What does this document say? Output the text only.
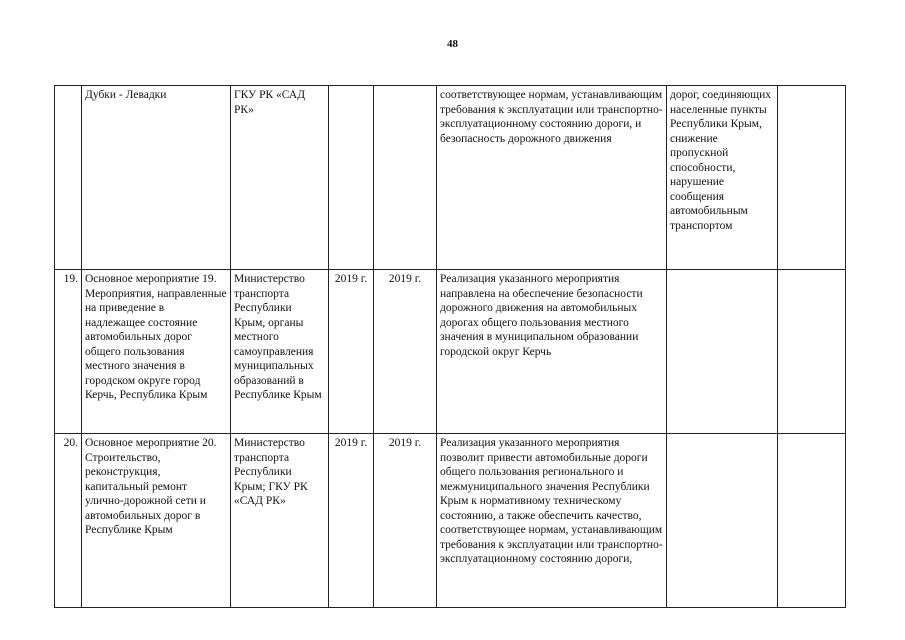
48
	Дубки - Левадки	ГКУ РК «САД РК»			соответствующее нормам, устанавливающим требования к эксплуатации или транспортно-эксплуатационному состоянию дороги, и безопасность дорожного движения	дорог, соединяющих населенные пункты Республики Крым, снижение пропускной способности, нарушение сообщения автомобильным транспортом	
19.	Основное мероприятие 19. Мероприятия, направленные на приведение в надлежащее состояние автомобильных дорог общего пользования местного значения в городском округе город Керчь, Республика Крым	Министерство транспорта Республики Крым, органы местного самоуправления муниципальных образований в Республике Крым	2019 г.	2019 г.	Реализация указанного мероприятия направлена на обеспечение безопасности дорожного движения на автомобильных дорогах общего пользования местного значения в муниципальном образовании городской округ Керчь		
20.	Основное мероприятие 20. Строительство, реконструкция, капитальный ремонт улично-дорожной сети и автомобильных дорог в Республике Крым	Министерство транспорта Республики Крым; ГКУ РК «САД РК»	2019 г.	2019 г.	Реализация указанного мероприятия позволит привести автомобильные дороги общего пользования регионального и межмуниципального значения Республики Крым к нормативному техническому состоянию, а также обеспечить качество, соответствующее нормам, устанавливающим требования к эксплуатации или транспортно-эксплуатационному состоянию дороги,		
